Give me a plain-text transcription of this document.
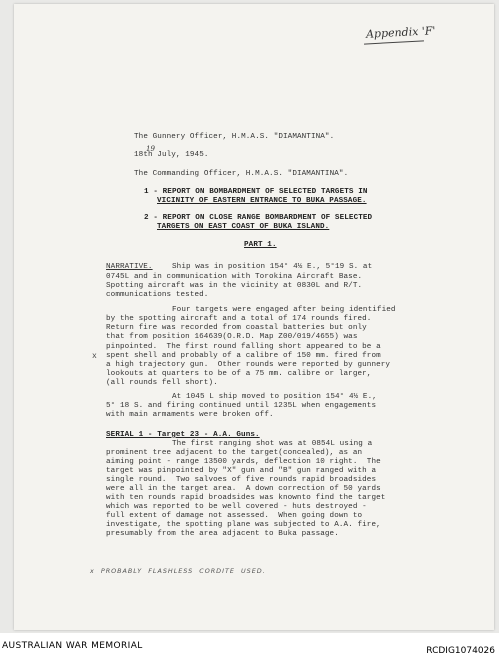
Appendix 'F'
The Gunnery Officer, H.M.A.S. "DIAMANTINA".
19
18th July, 1945.
The Commanding Officer, H.M.A.S. "DIAMANTINA".
1 - REPORT ON BOMBARDMENT OF SELECTED TARGETS IN
VICINITY OF EASTERN ENTRANCE TO BUKA PASSAGE.
2 - REPORT ON CLOSE RANGE BOMBARDMENT OF SELECTED
TARGETS ON EAST COAST OF BUKA ISLAND.
PART 1.
NARRATIVE.	Ship was in position 154° 4½ E., 5°19 S. at
0745L and in communication with Torokina Aircraft Base.
Spotting aircraft was in the vicinity at 0830L and R/T.
communications tested.
Four targets were engaged after being identified
by the spotting aircraft and a total of 174 rounds fired.
Return fire was recorded from coastal batteries but only
that from position 164639(O.R.D. Map Z00/019/4655) was
pinpointed.  The first round falling short appeared to be a
x spent shell and probably of a calibre of 150 mm. fired from
a high trajectory gun.  Other rounds were reported by gunnery
lookouts at quarters to be of a 75 mm. calibre or larger,
(all rounds fell short).
At 1045 L ship moved to position 154° 4½ E.,
5° 18 S. and firing continued until 1235L when engagements
with main armaments were broken off.
SERIAL 1 - Target 23 - A.A. Guns.
The first ranging shot was at 0854L using a
prominent tree adjacent to the target(concealed), as an
aiming point - range 13500 yards, deflection 10 right.  The
target was pinpointed by "X" gun and "B" gun ranged with a
single round.  Two salvoes of five rounds rapid broadsides
were all in the target area.  A down correction of 50 yards
with ten rounds rapid broadsides was knownto find the target
which was reported to be well covered - huts destroyed -
full extent of damage not assessed.  When going down to
investigate, the spotting plane was subjected to A.A. fire,
presumably from the area adjacent to Buka passage.
x  PROBABLY  FLASHLESS  CORDITE  USED.
AUSTRALIAN WAR MEMORIAL	RCDIG1074026
